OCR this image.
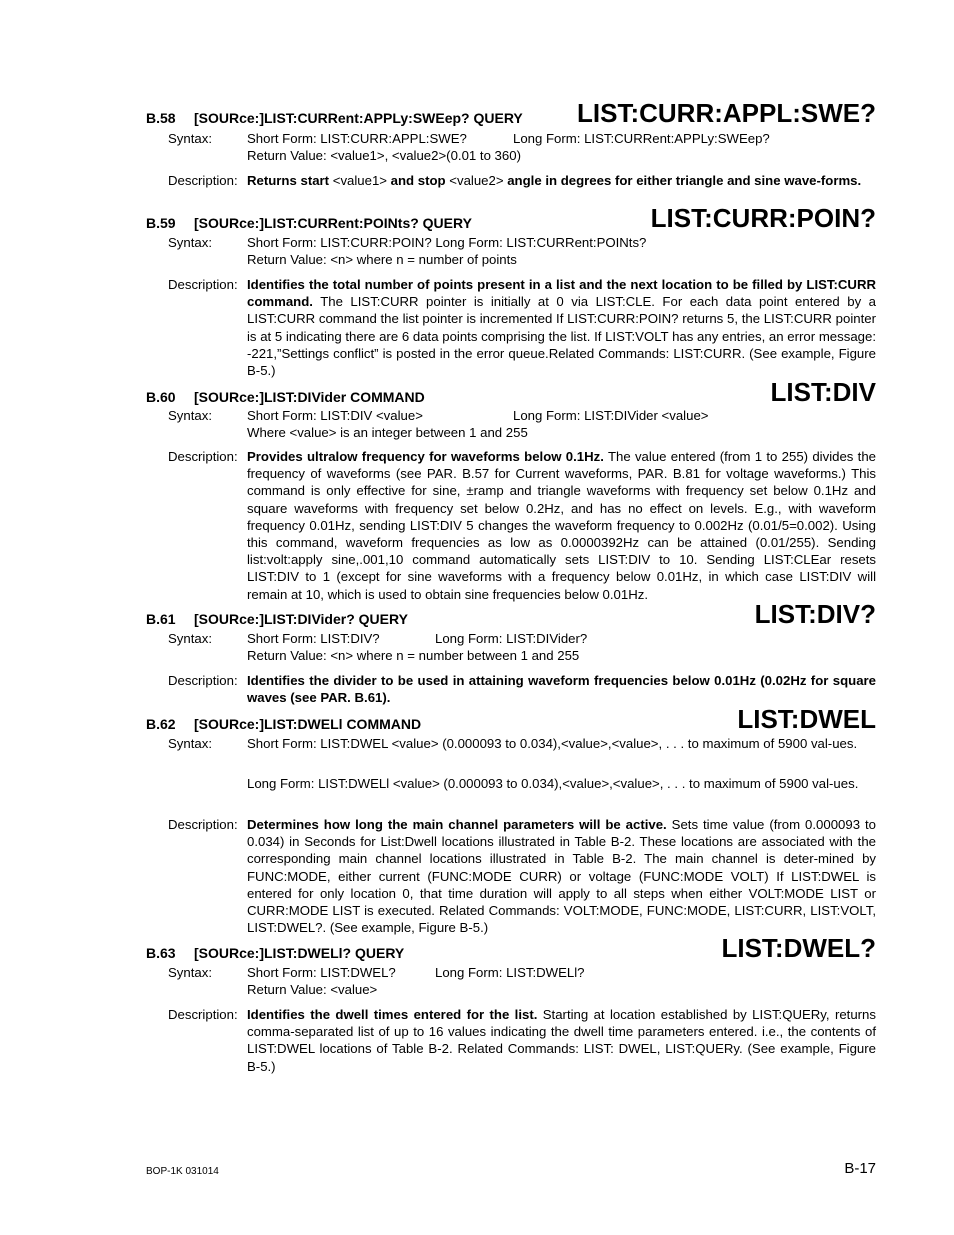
B.58 [SOURce:]LIST:CURRent:APPLy:SWEep? QUERY LIST:CURR:APPL:SWE?
Syntax:	Short Form: LIST:CURR:APPL:SWE?	Long Form: LIST:CURRent:APPLy:SWEep?
Return Value: <value1>, <value2>(0.01 to 360)
Description: Returns start <value1> and stop <value2> angle in degrees for either triangle and sine wave-forms.
B.59 [SOURce:]LIST:CURRent:POINts? QUERY	LIST:CURR:POIN?
Syntax:	Short Form: LIST:CURR:POIN? Long Form: LIST:CURRent:POINts?
Return Value: <n> where n = number of points
Description: Identifies the total number of points present in a list and the next location to be filled by LIST:CURR command. The LIST:CURR pointer is initially at 0 via LIST:CLE. For each data point entered by a LIST:CURR command the list pointer is incremented If LIST:CURR:POIN? returns 5, the LIST:CURR pointer is at 5 indicating there are 6 data points comprising the list. If LIST:VOLT has any entries, an error message: -221,”Settings conflict” is posted in the error queue.Related Commands: LIST:CURR. (See example, Figure B-5.)
B.60 [SOURce:]LIST:DIVider COMMAND	LIST:DIV
Syntax:	Short Form: LIST:DIV <value>	Long Form: LIST:DIVider <value>
Where <value> is an integer between 1 and 255
Description: Provides ultralow frequency for waveforms below 0.1Hz. The value entered (from 1 to 255) divides the frequency of waveforms (see PAR. B.57 for Current waveforms, PAR. B.81 for voltage waveforms.) This command is only effective for sine, ±ramp and triangle waveforms with frequency set below 0.1Hz and square waveforms with frequency set below 0.2Hz, and has no effect on levels. E.g., with waveform frequency 0.01Hz, sending LIST:DIV 5 changes the waveform frequency to 0.002Hz (0.01/5=0.002). Using this command, waveform frequencies as low as 0.0000392Hz can be attained (0.01/255). Sending list:volt:apply sine,.001,10 command automatically sets LIST:DIV to 10. Sending LIST:CLEar resets LIST:DIV to 1 (except for sine waveforms with a frequency below 0.01Hz, in which case LIST:DIV will remain at 10, which is used to obtain sine frequencies below 0.01Hz.
B.61 [SOURce:]LIST:DIVider? QUERY	LIST:DIV?
Syntax:	Short Form: LIST:DIV?	Long Form: LIST:DIVider?
Return Value: <n> where n = number between 1 and 255
Description: Identifies the divider to be used in attaining waveform frequencies below 0.01Hz (0.02Hz for square waves (see PAR. B.61).
B.62 [SOURce:]LIST:DWELl COMMAND	LIST:DWEL
Syntax:	Short Form: LIST:DWEL <value> (0.000093 to 0.034),<value>,<value>, . . . to maximum of 5900 val-ues.
Long Form: LIST:DWELl <value> (0.000093 to 0.034),<value>,<value>, . . . to maximum of 5900 val-ues.
Description: Determines how long the main channel parameters will be active. Sets time value (from 0.000093 to 0.034) in Seconds for List:Dwell locations illustrated in Table B-2. These locations are associated with the corresponding main channel locations illustrated in Table B-2. The main channel is deter-mined by FUNC:MODE, either current (FUNC:MODE CURR) or voltage (FUNC:MODE VOLT) If LIST:DWEL is entered for only location 0, that time duration will apply to all steps when either VOLT:MODE LIST or CURR:MODE LIST is executed. Related Commands: VOLT:MODE, FUNC:MODE, LIST:CURR, LIST:VOLT, LIST:DWEL?. (See example, Figure B-5.)
B.63 [SOURce:]LIST:DWELl? QUERY	LIST:DWEL?
Syntax:	Short Form: LIST:DWEL?	Long Form: LIST:DWELl?
Return Value: <value>
Description: Identifies the dwell times entered for the list. Starting at location established by LIST:QUERy, returns comma-separated list of up to 16 values indicating the dwell time parameters entered. i.e., the contents of LIST:DWEL locations of Table B-2. Related Commands: LIST: DWEL, LIST:QUERy. (See example, Figure B-5.)
BOP-1K 031014	B-17
